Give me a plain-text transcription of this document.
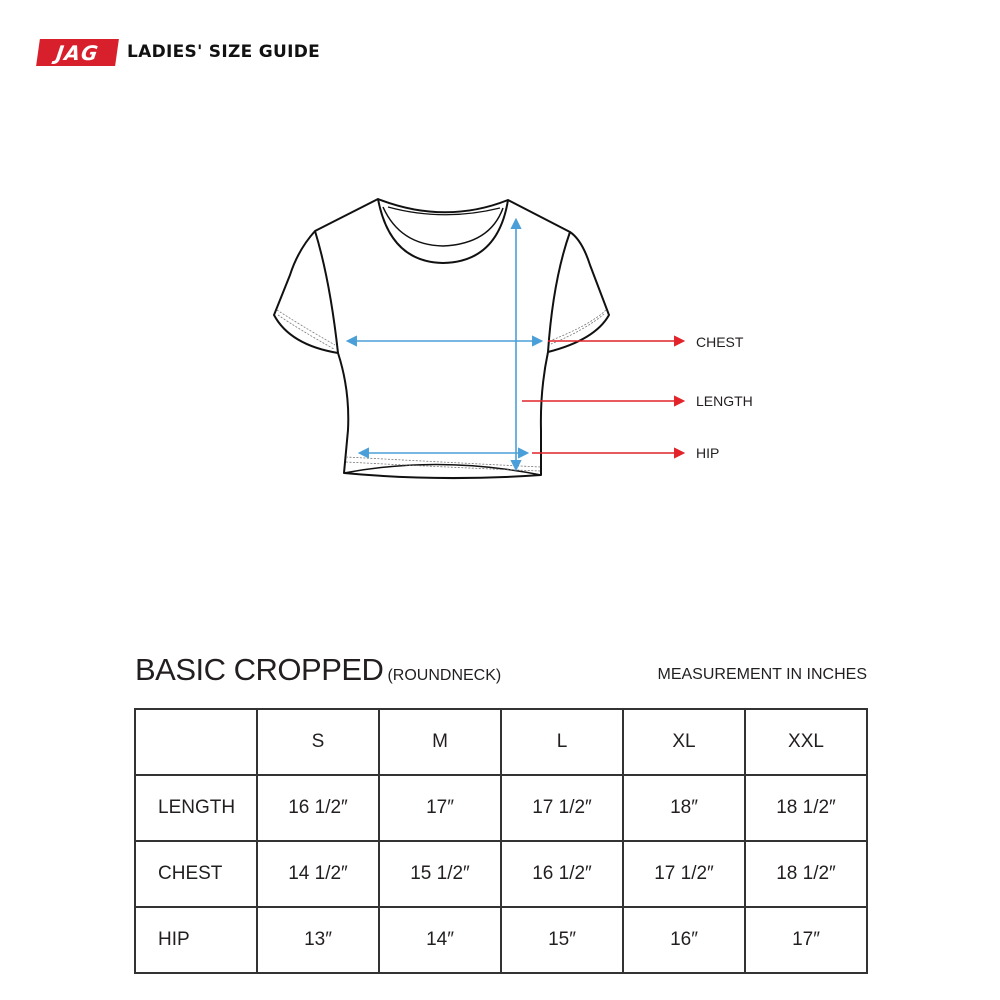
JAG LADIES' SIZE GUIDE
CHEST
LENGTH
HIP
BASIC CROPPED (ROUNDNECK)	MEASUREMENT IN INCHES
	S	M	L	XL	XXL
LENGTH	16 1/2″	17″	17 1/2″	18″	18 1/2″
CHEST	14 1/2″	15 1/2″	16 1/2″	17 1/2″	18 1/2″
HIP	13″	14″	15″	16″	17″
